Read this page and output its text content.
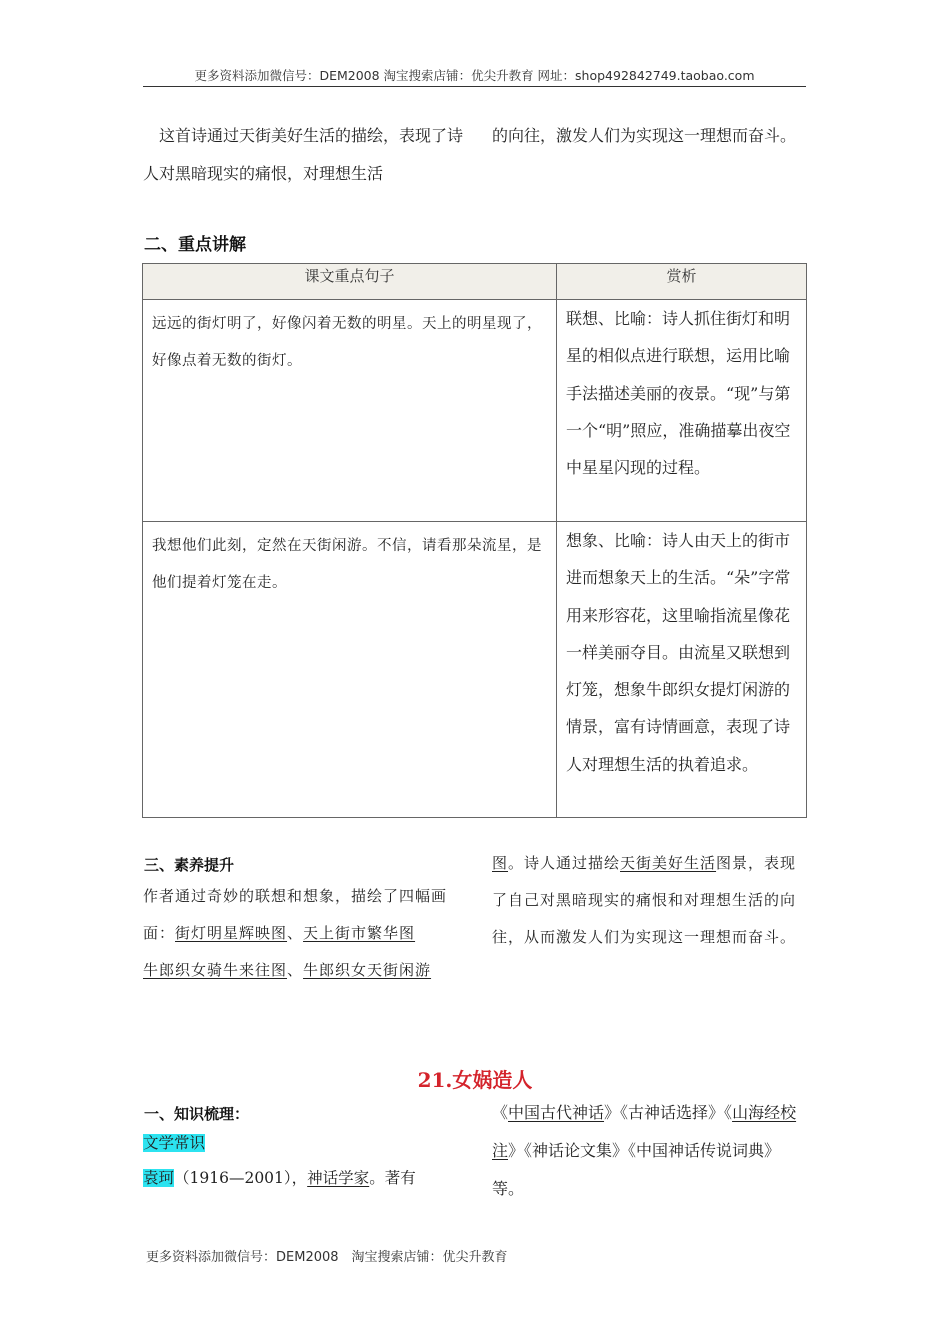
更多资料添加微信号：DEM2008 淘宝搜索店铺：优尖升教育 网址：shop492842749.taobao.com
　这首诗通过天街美好生活的描绘，表现了诗人对黑暗现实的痛恨，对理想生活
的向往，激发人们为实现这一理想而奋斗。
二、重点讲解
课文重点句子	赏析
远远的街灯明了，好像闪着无数的明星。天上的明星现了，好像点着无数的街灯。	联想、比喻：诗人抓住街灯和明星的相似点进行联想，运用比喻手法描述美丽的夜景。“现”与第一个“明”照应，准确描摹出夜空中星星闪现的过程。
我想他们此刻，定然在天街闲游。不信，请看那朵流星，是他们提着灯笼在走。	想象、比喻：诗人由天上的街市进而想象天上的生活。“朵”字常用来形容花，这里喻指流星像花一样美丽夺目。由流星又联想到灯笼，想象牛郎织女提灯闲游的情景，富有诗情画意，表现了诗人对理想生活的执着追求。
三、素养提升
作者通过奇妙的联想和想象，描绘了四幅画面：街灯明星辉映图、天上街市繁华图
牛郎织女骑牛来往图、牛郎织女天街闲游
图。诗人通过描绘天街美好生活图景，表现了自己对黑暗现实的痛恨和对理想生活的向往，从而激发人们为实现这一理想而奋斗。
21.女娲造人
一、知识梳理：
文学常识
袁珂（1916—2001），神话学家。著有
《中国古代神话》《古神话选择》《山海经校注》《神话论文集》《中国神话传说词典》等。
更多资料添加微信号：DEM2008　淘宝搜索店铺：优尖升教育
